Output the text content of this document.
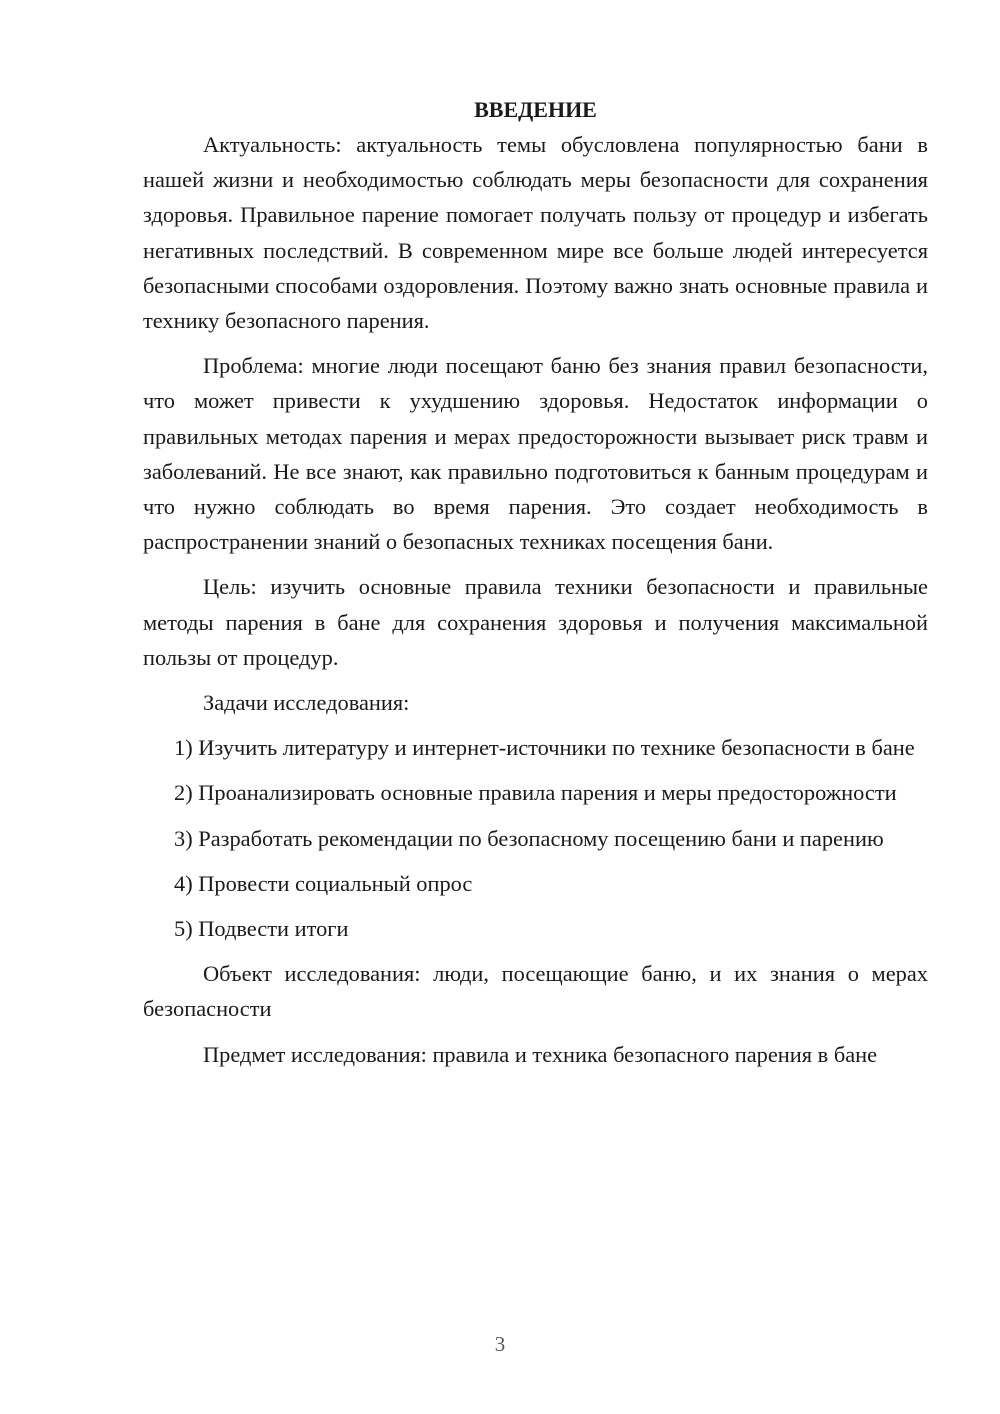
ВВЕДЕНИЕ

Актуальность: актуальность темы обусловлена популярностью бани в нашей жизни и необходимостью соблюдать меры безопасности для сохранения здоровья. Правильное парение помогает получать пользу от процедур и избегать негативных последствий. В современном мире все больше людей интересуется безопасными способами оздоровления. Поэтому важно знать основные правила и технику безопасного парения.

Проблема: многие люди посещают баню без знания правил безопасности, что может привести к ухудшению здоровья. Недостаток информации о правильных методах парения и мерах предосторожности вызывает риск травм и заболеваний. Не все знают, как правильно подготовиться к банным процедурам и что нужно соблюдать во время парения. Это создает необходимость в распространении знаний о безопасных техниках посещения бани.

Цель: изучить основные правила техники безопасности и правильные методы парения в бане для сохранения здоровья и получения максимальной пользы от процедур.

Задачи исследования:

1) Изучить литературу и интернет-источники по технике безопасности в бане

2) Проанализировать основные правила парения и меры предосторожности

3) Разработать рекомендации по безопасному посещению бани и парению

4) Провести социальный опрос

5) Подвести итоги

Объект исследования: люди, посещающие баню, и их знания о мерах безопасности

Предмет исследования: правила и техника безопасного парения в бане

3
